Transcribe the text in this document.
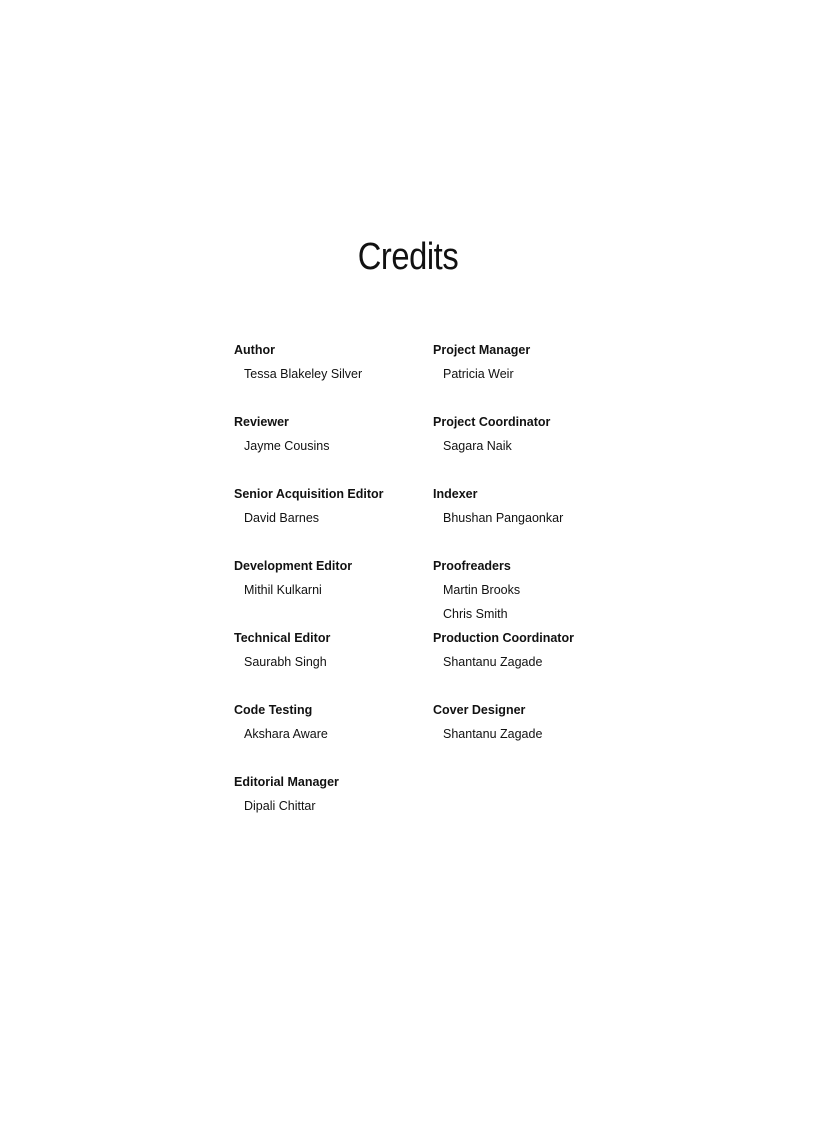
Credits
Author
Tessa Blakeley Silver
Reviewer
Jayme Cousins
Senior Acquisition Editor
David Barnes
Development Editor
Mithil Kulkarni
Technical Editor
Saurabh Singh
Code Testing
Akshara Aware
Editorial Manager
Dipali Chittar
Project Manager
Patricia Weir
Project Coordinator
Sagara Naik
Indexer
Bhushan Pangaonkar
Proofreaders
Martin Brooks
Chris Smith
Production Coordinator
Shantanu Zagade
Cover Designer
Shantanu Zagade
